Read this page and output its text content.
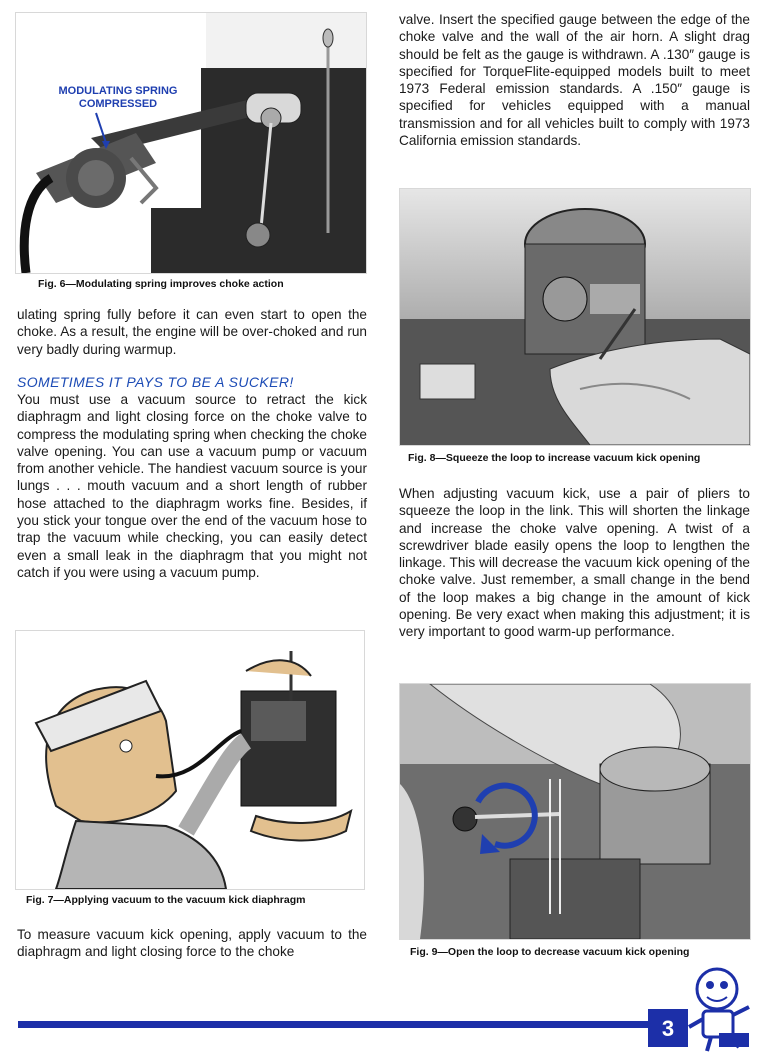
MODULATING SPRING
COMPRESSED
Fig. 6—Modulating spring improves choke action

ulating spring fully before it can even start to open the choke. As a result, the engine will be over-choked and run very badly during warmup.

SOMETIMES IT PAYS TO BE A SUCKER!

You must use a vacuum source to retract the kick diaphragm and light closing force on the choke valve to compress the modulating spring when checking the choke valve opening. You can use a vacuum pump or vacuum from another vehicle. The handiest vacuum source is your lungs . . . mouth vacuum and a short length of rubber hose attached to the diaphragm works fine. Besides, if you stick your tongue over the end of the vacuum hose to trap the vacuum while checking, you can easily detect even a small leak in the diaphragm that you might not catch if you were using a vacuum pump.

Fig. 7—Applying vacuum to the vacuum kick diaphragm

To measure vacuum kick opening, apply vacuum to the diaphragm and light closing force to the choke

valve. Insert the specified gauge between the edge of the choke valve and the wall of the air horn. A slight drag should be felt as the gauge is withdrawn. A .130″ gauge is specified for TorqueFlite-equipped models built to meet 1973 Federal emission standards. A .150″ gauge is specified for vehicles equipped with a manual transmission and for all vehicles built to comply with 1973 California emission standards.

Fig. 8—Squeeze the loop to increase vacuum kick opening

When adjusting vacuum kick, use a pair of pliers to squeeze the loop in the link. This will shorten the linkage and increase the choke valve opening. A twist of a screwdriver blade easily opens the loop to lengthen the linkage. This will decrease the vacuum kick opening of the choke valve. Just remember, a small change in the bend of the loop makes a big change in the amount of kick opening. Be very exact when making this adjustment; it is very important to good warm-up performance.

Fig. 9—Open the loop to decrease vacuum kick opening
3
